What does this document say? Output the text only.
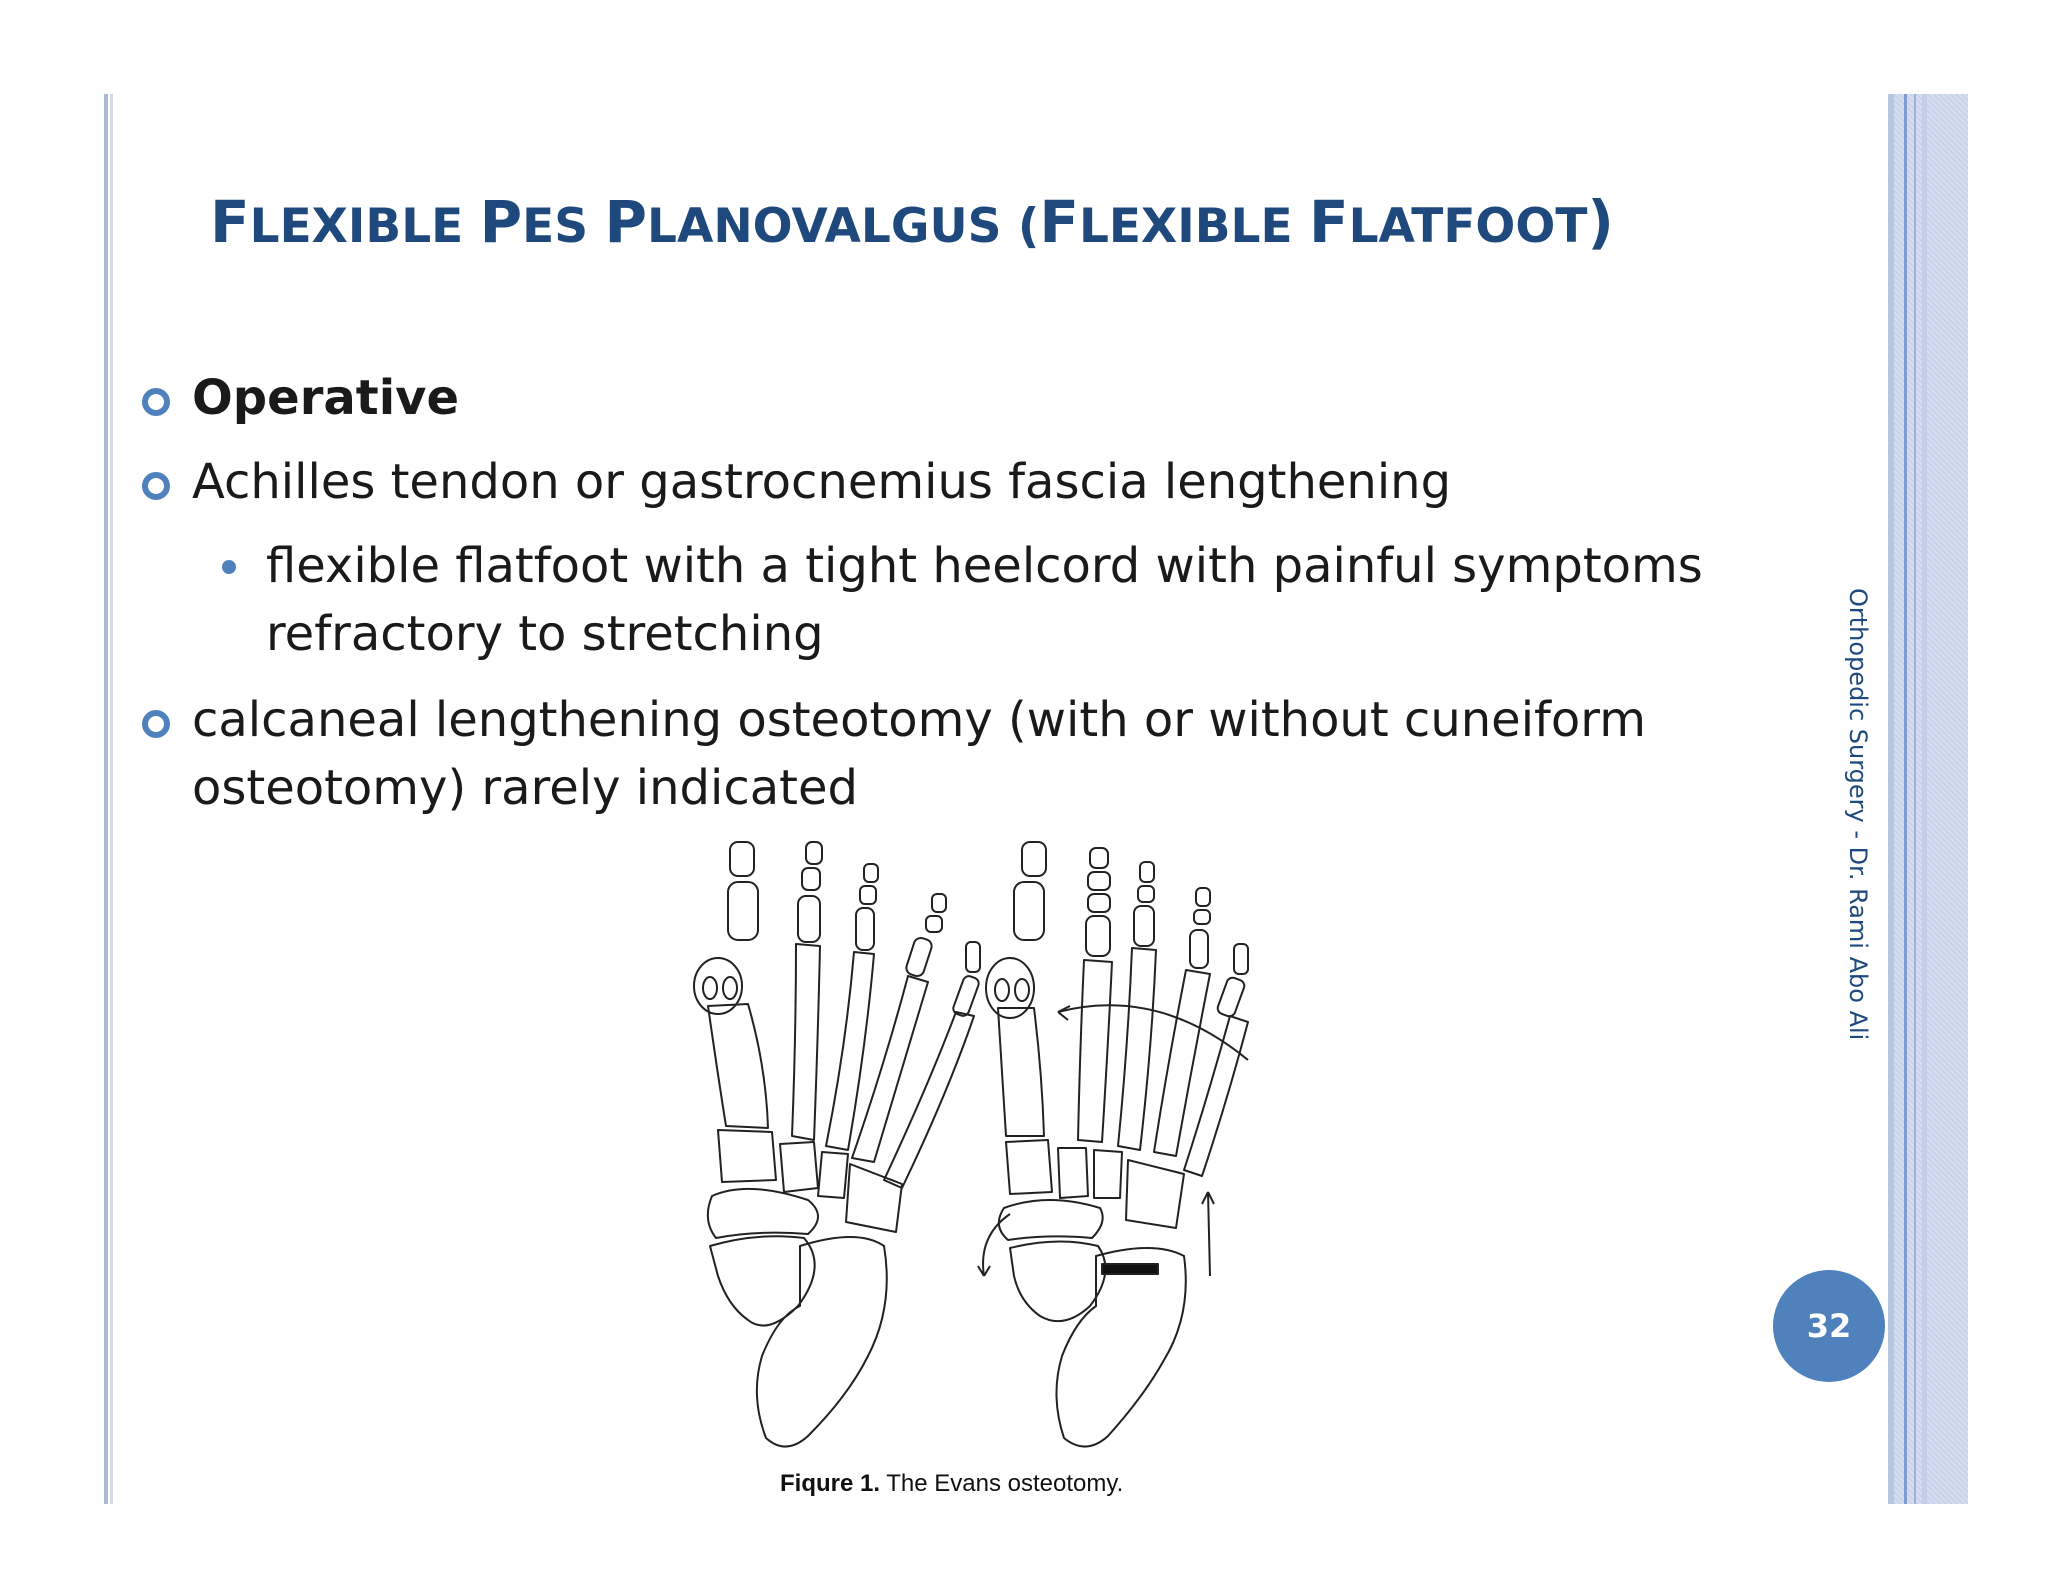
FLEXIBLE PES PLANOVALGUS (FLEXIBLE FLATFOOT)
Operative
Achilles tendon or gastrocnemius fascia lengthening
flexible flatfoot with a tight heelcord with painful symptoms
refractory to stretching
calcaneal lengthening osteotomy (with or without cuneiform
osteotomy) rarely indicated
Fiqure 1. The Evans osteotomy.
Orthopedic Surgery - Dr. Rami Abo Ali
32
